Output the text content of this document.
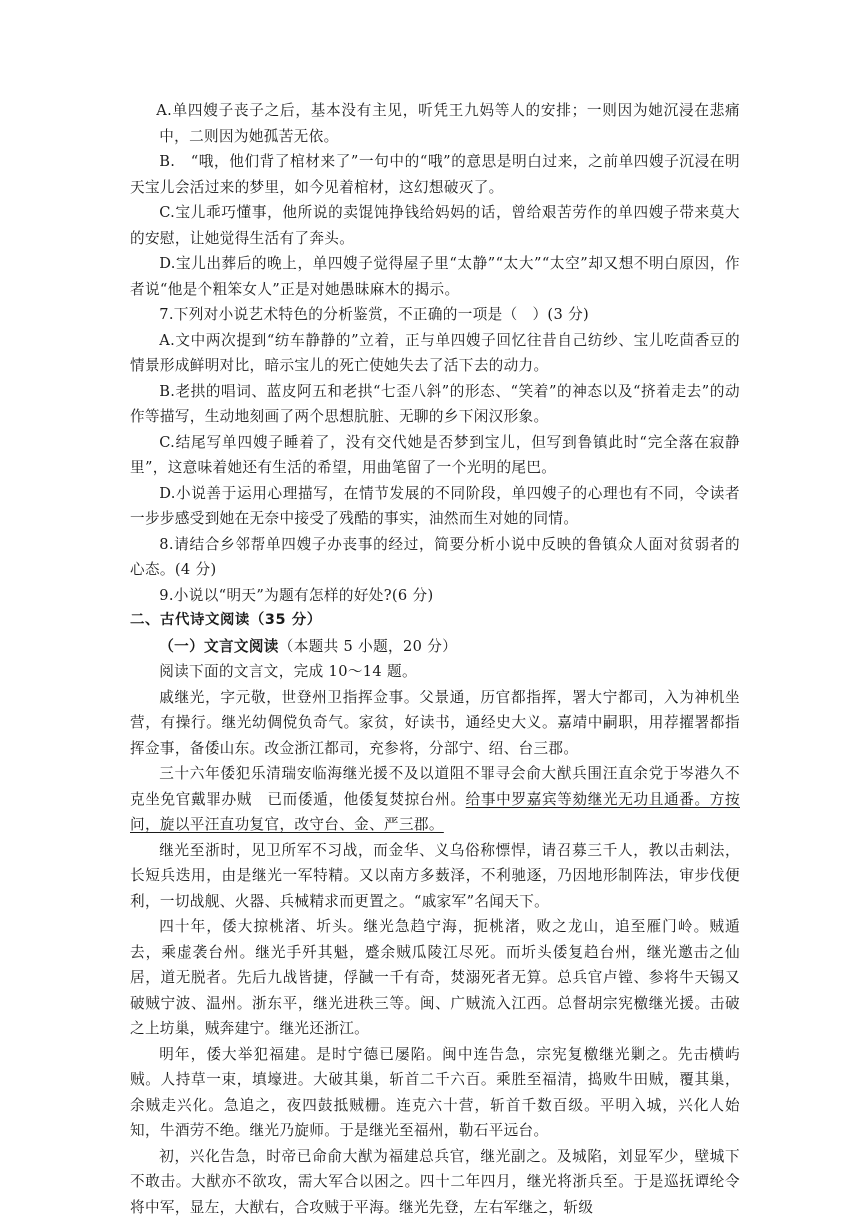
A.单四嫂子丧子之后，基本没有主见，听凭王九妈等人的安排；一则因为她沉浸在悲痛中，二则因为她孤苦无依。

B.　“哦，他们背了棺材来了”一句中的“哦”的意思是明白过来，之前单四嫂子沉浸在明天宝儿会活过来的梦里，如今见着棺材，这幻想破灭了。

C.宝儿乖巧懂事，他所说的卖馄饨挣钱给妈妈的话，曾给艰苦劳作的单四嫂子带来莫大的安慰，让她觉得生活有了奔头。

D.宝儿出葬后的晚上，单四嫂子觉得屋子里“太静”“太大”“太空”却又想不明白原因，作者说“他是个粗笨女人”正是对她愚昧麻木的揭示。

7.下列对小说艺术特色的分析鉴赏，不正确的一项是（　）(3 分)

A.文中两次提到“纺车静静的”立着，正与单四嫂子回忆往昔自己纺纱、宝儿吃茴香豆的情景形成鲜明对比，暗示宝儿的死亡使她失去了活下去的动力。

B.老拱的唱词、蓝皮阿五和老拱“七歪八斜”的形态、“笑着”的神态以及“挤着走去”的动作等描写，生动地刻画了两个思想肮脏、无聊的乡下闲汉形象。

C.结尾写单四嫂子睡着了，没有交代她是否梦到宝儿，但写到鲁镇此时“完全落在寂静里”，这意味着她还有生活的希望，用曲笔留了一个光明的尾巴。

D.小说善于运用心理描写，在情节发展的不同阶段，单四嫂子的心理也有不同，令读者一步步感受到她在无奈中接受了残酷的事实，油然而生对她的同情。

8.请结合乡邻帮单四嫂子办丧事的经过，简要分析小说中反映的鲁镇众人面对贫弱者的心态。(4 分)

9.小说以“明天”为题有怎样的好处?(6 分)

二、古代诗文阅读（35 分）

（一）文言文阅读（本题共 5 小题，20 分）

阅读下面的文言文，完成 10～14 题。

戚继光，字元敬，世登州卫指挥佥事。父景通，历官都指挥，署大宁都司，入为神机坐营，有操行。继光幼倜傥负奇气。家贫，好读书，通经史大义。嘉靖中嗣职，用荐擢署都指挥佥事，备倭山东。改佥浙江都司，充参将，分部宁、绍、台三郡。

三十六年倭犯乐清瑞安临海继光援不及以道阻不罪寻会俞大猷兵围汪直余党于岑港久不克坐免官戴罪办贼　已而倭遁，他倭复焚掠台州。给事中罗嘉宾等劾继光无功且通番。方按问，旋以平汪直功复官，改守台、金、严三郡。

继光至浙时，见卫所军不习战，而金华、义乌俗称慓悍，请召募三千人，教以击刺法，长短兵迭用，由是继光一军特精。又以南方多薮泽，不利驰逐，乃因地形制阵法，审步伐便利，一切战舰、火器、兵械精求而更置之。“戚家军”名闻天下。

四十年，倭大掠桃渚、圻头。继光急趋宁海，扼桃渚，败之龙山，追至雁门岭。贼遁去，乘虚袭台州。继光手歼其魁，蹙余贼瓜陵江尽死。而圻头倭复趋台州，继光邀击之仙居，道无脱者。先后九战皆捷，俘馘一千有奇，焚溺死者无算。总兵官卢镗、参将牛天锡又破贼宁波、温州。浙东平，继光进秩三等。闽、广贼流入江西。总督胡宗宪檄继光援。击破之上坊巢，贼奔建宁。继光还浙江。

明年，倭大举犯福建。是时宁德已屡陷。闽中连告急，宗宪复檄继光剿之。先击横屿贼。人持草一束，填壕进。大破其巢，斩首二千六百。乘胜至福清，捣败牛田贼，覆其巢，余贼走兴化。急追之，夜四鼓抵贼栅。连克六十营，斩首千数百级。平明入城，兴化人始知，牛酒劳不绝。继光乃旋师。于是继光至福州，勒石平远台。

初，兴化告急，时帝已命俞大猷为福建总兵官，继光副之。及城陷，刘显军少，壁城下不敢击。大猷亦不欲攻，需大军合以困之。四十二年四月，继光将浙兵至。于是巡抚谭纶令将中军，显左，大猷右，合攻贼于平海。继光先登，左右军继之，斩级
